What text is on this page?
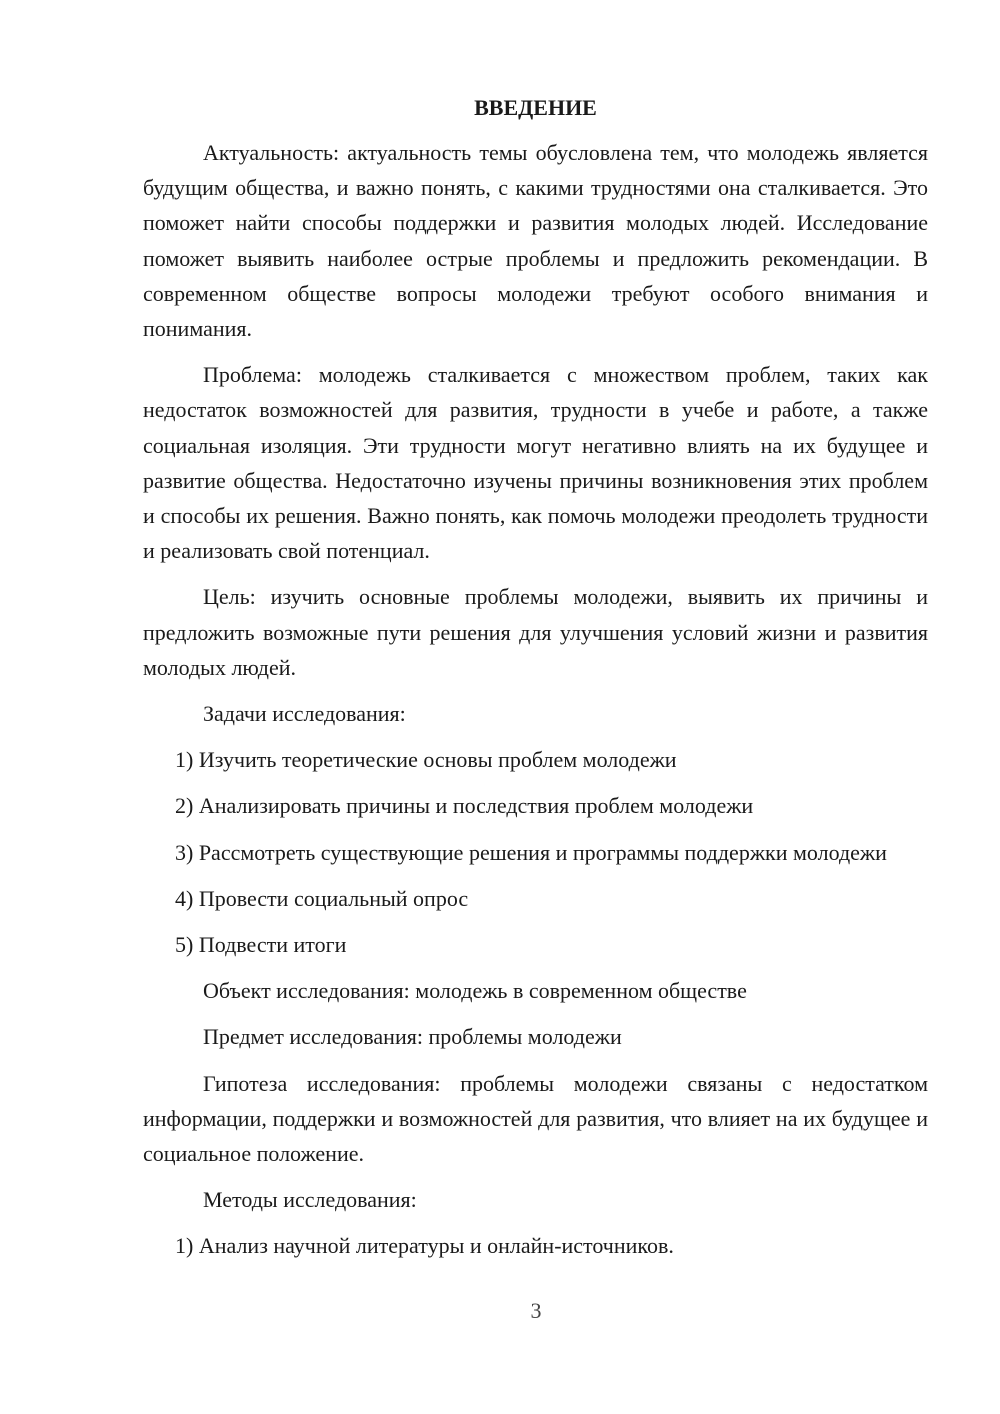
ВВЕДЕНИЕ

Актуальность: актуальность темы обусловлена тем, что молодежь является будущим общества, и важно понять, с какими трудностями она сталкивается. Это поможет найти способы поддержки и развития молодых людей. Исследование поможет выявить наиболее острые проблемы и предложить рекомендации. В современном обществе вопросы молодежи требуют особого внимания и понимания.

Проблема: молодежь сталкивается с множеством проблем, таких как недостаток возможностей для развития, трудности в учебе и работе, а также социальная изоляция. Эти трудности могут негативно влиять на их будущее и развитие общества. Недостаточно изучены причины возникновения этих проблем и способы их решения. Важно понять, как помочь молодежи преодолеть трудности и реализовать свой потенциал.

Цель: изучить основные проблемы молодежи, выявить их причины и предложить возможные пути решения для улучшения условий жизни и развития молодых людей.

Задачи исследования:

1) Изучить теоретические основы проблем молодежи

2) Анализировать причины и последствия проблем молодежи

3) Рассмотреть существующие решения и программы поддержки молодежи

4) Провести социальный опрос

5) Подвести итоги

Объект исследования: молодежь в современном обществе

Предмет исследования: проблемы молодежи

Гипотеза исследования: проблемы молодежи связаны с недостатком информации, поддержки и возможностей для развития, что влияет на их будущее и социальное положение.

Методы исследования:

1) Анализ научной литературы и онлайн-источников.

3
